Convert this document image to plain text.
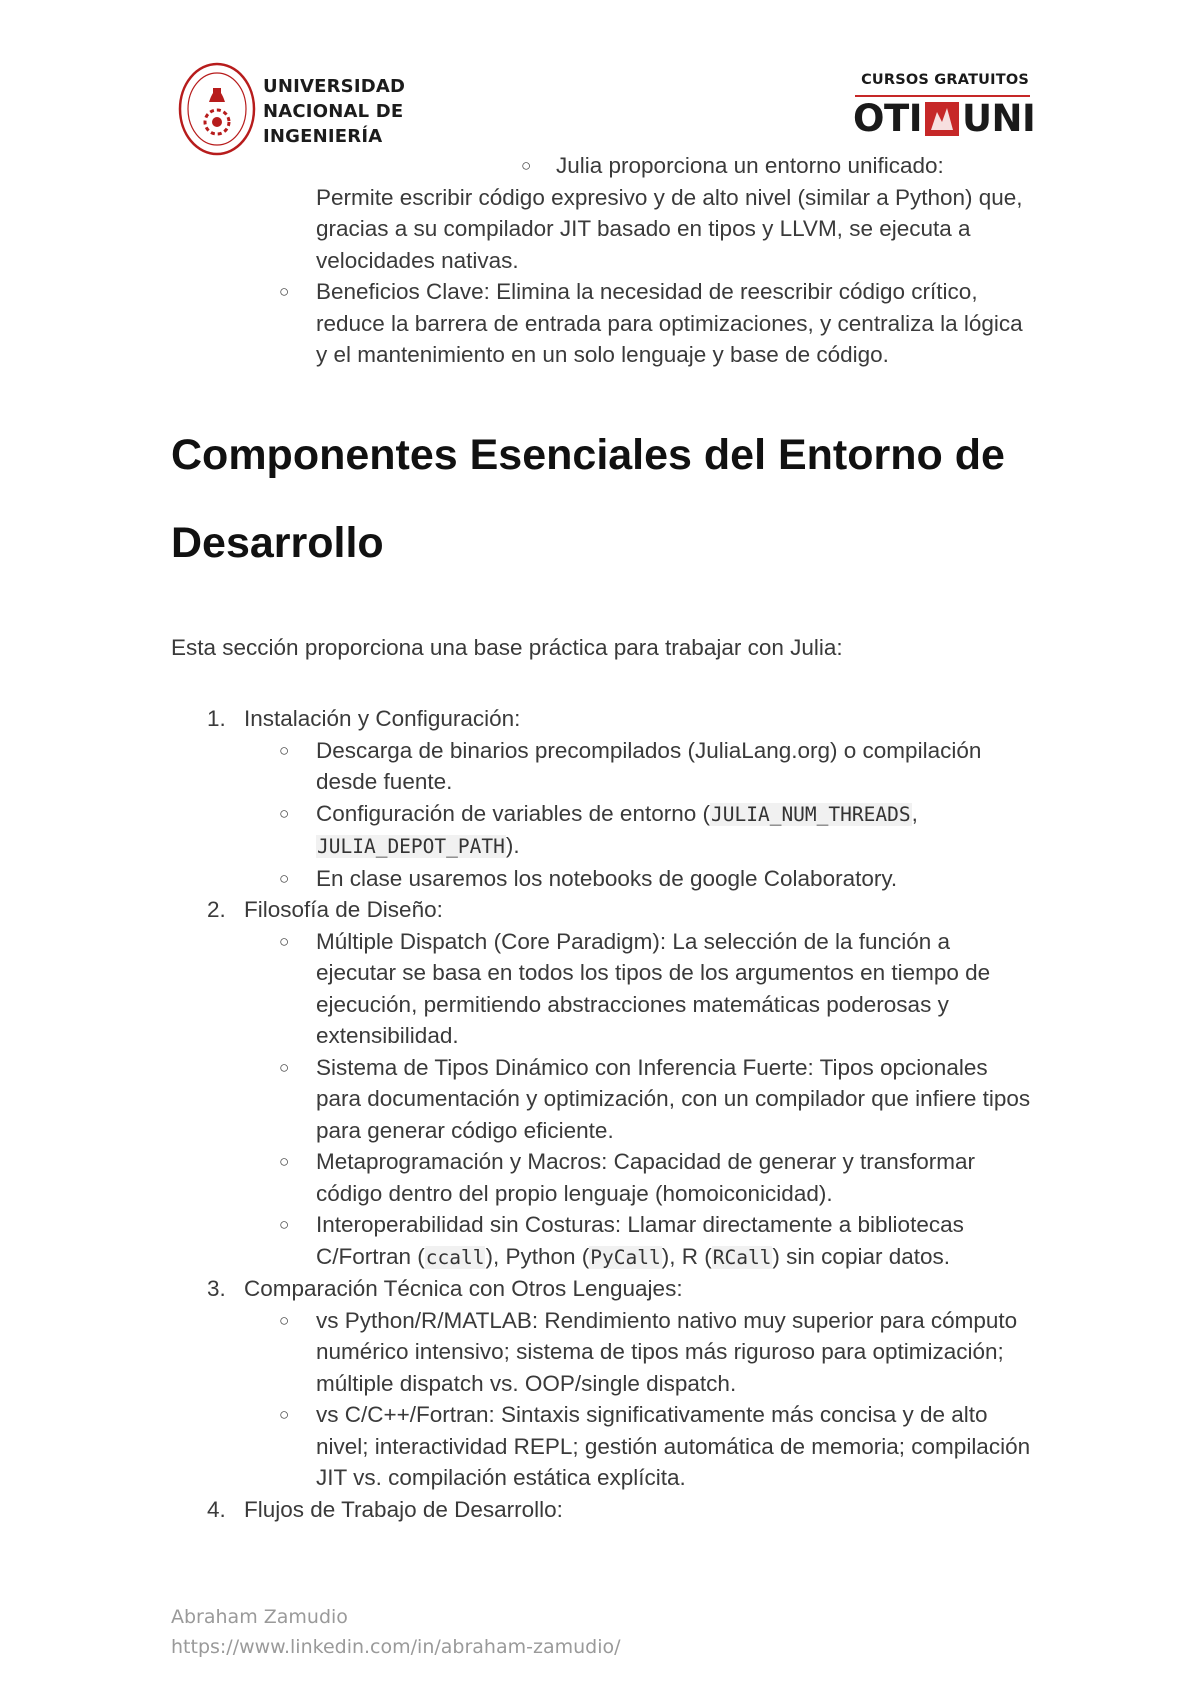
UNIVERSIDAD
NACIONAL DE
INGENIERÍA
CURSOS GRATUITOS
OTI UNI
○ Julia proporciona un entorno unificado:
Permite escribir código expresivo y de alto nivel (similar a Python) que, gracias a su compilador JIT basado en tipos y LLVM, se ejecuta a velocidades nativas.
○ Beneficios Clave: Elimina la necesidad de reescribir código crítico, reduce la barrera de entrada para optimizaciones, y centraliza la lógica y el mantenimiento en un solo lenguaje y base de código.
Componentes Esenciales del Entorno de Desarrollo

Esta sección proporciona una base práctica para trabajar con Julia:

1. Instalación y Configuración:
○ Descarga de binarios precompilados (JuliaLang.org) o compilación desde fuente.
○ Configuración de variables de entorno (JULIA_NUM_THREADS, JULIA_DEPOT_PATH).
○ En clase usaremos los notebooks de google Colaboratory.
2. Filosofía de Diseño:
○ Múltiple Dispatch (Core Paradigm): La selección de la función a ejecutar se basa en todos los tipos de los argumentos en tiempo de ejecución, permitiendo abstracciones matemáticas poderosas y extensibilidad.
○ Sistema de Tipos Dinámico con Inferencia Fuerte: Tipos opcionales para documentación y optimización, con un compilador que infiere tipos para generar código eficiente.
○ Metaprogramación y Macros: Capacidad de generar y transformar código dentro del propio lenguaje (homoiconicidad).
○ Interoperabilidad sin Costuras: Llamar directamente a bibliotecas C/Fortran (ccall), Python (PyCall), R (RCall) sin copiar datos.
3. Comparación Técnica con Otros Lenguajes:
○ vs Python/R/MATLAB: Rendimiento nativo muy superior para cómputo numérico intensivo; sistema de tipos más riguroso para optimización; múltiple dispatch vs. OOP/single dispatch.
○ vs C/C++/Fortran: Sintaxis significativamente más concisa y de alto nivel; interactividad REPL; gestión automática de memoria; compilación JIT vs. compilación estática explícita.
4. Flujos de Trabajo de Desarrollo:
Abraham Zamudio
https://www.linkedin.com/in/abraham-zamudio/
